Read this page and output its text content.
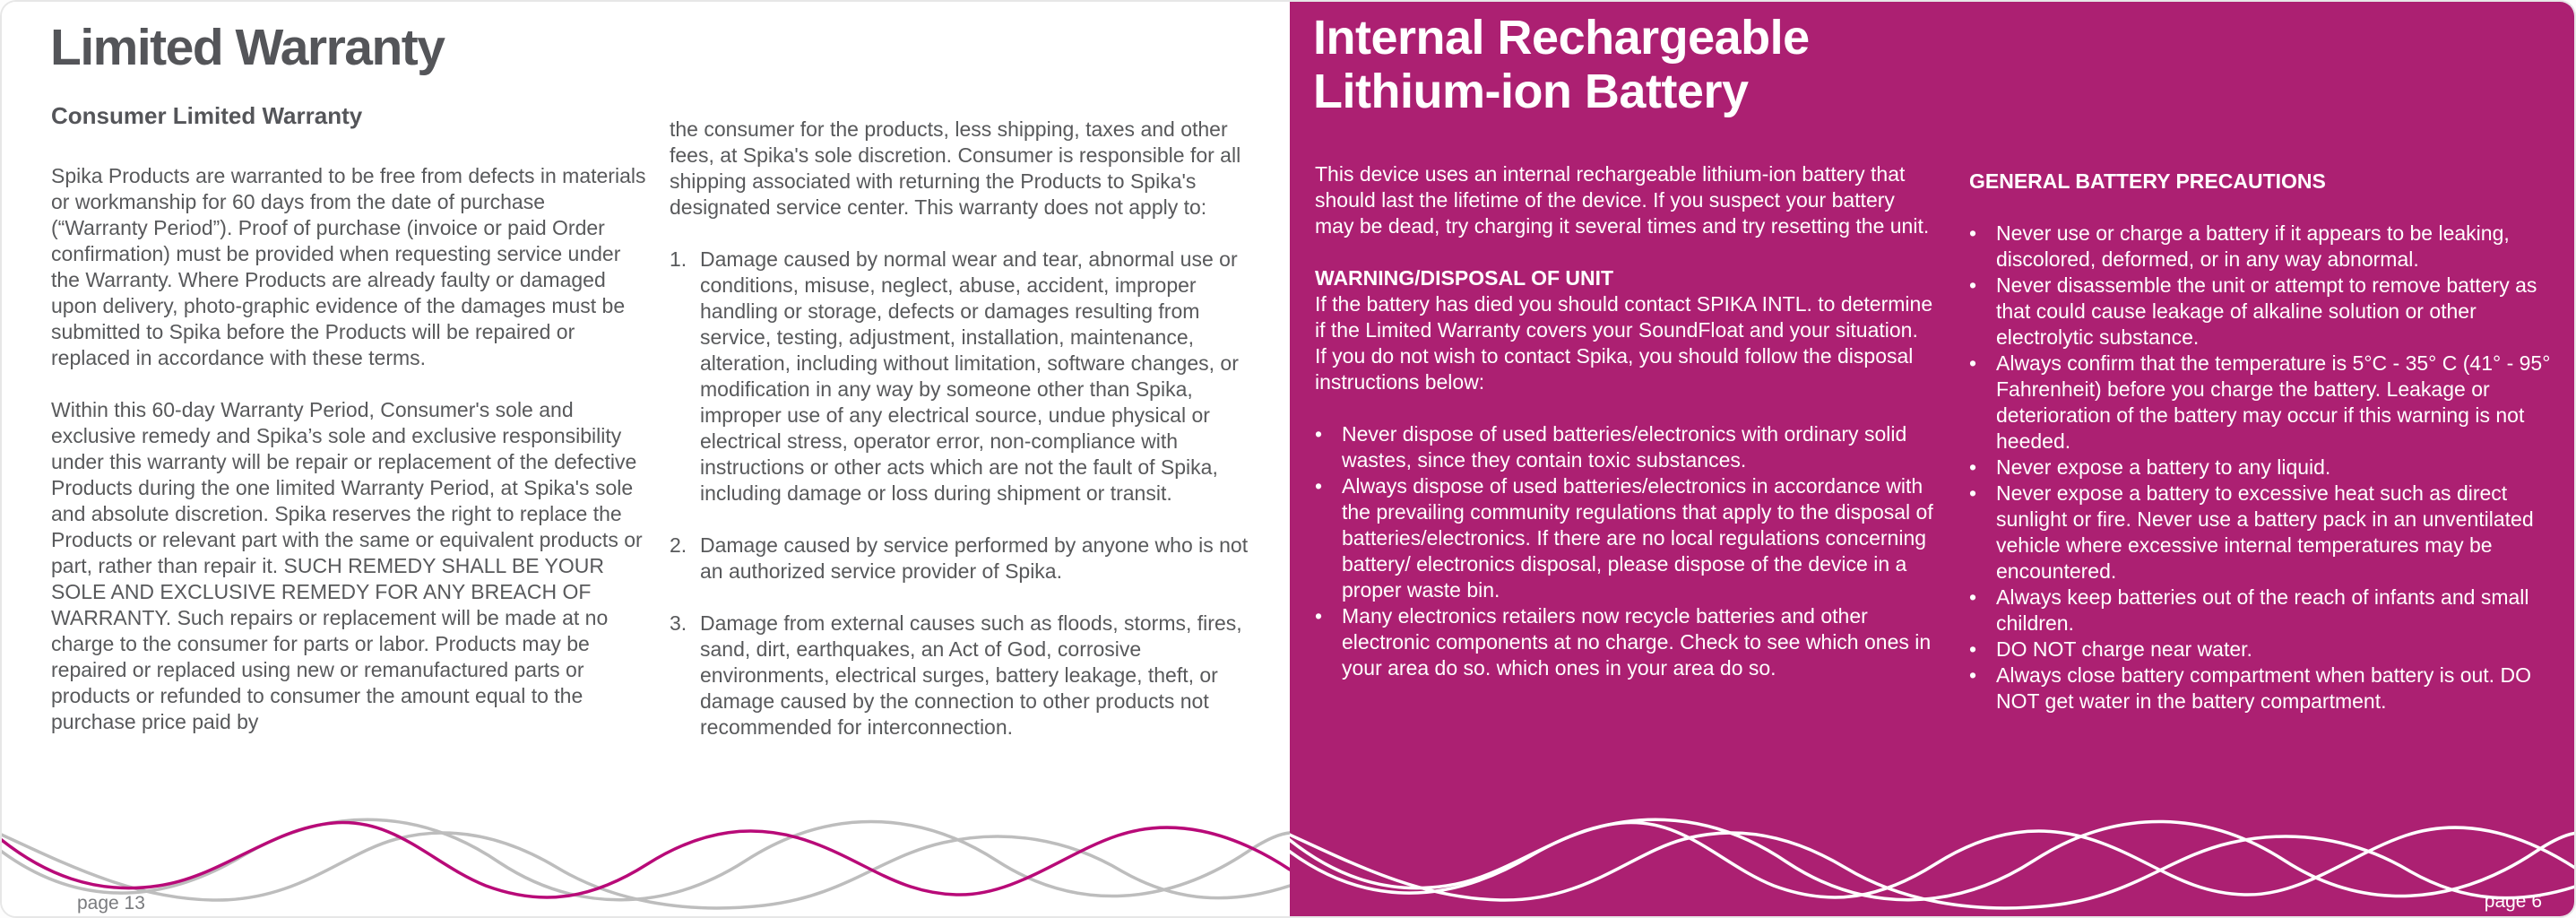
Limited Warranty
Consumer Limited Warranty

Spika Products are warranted to be free from defects in materials or workmanship for 60 days from the date of purchase (“Warranty Period”). Proof of purchase (invoice or paid Order confirmation) must be provided when requesting service under the Warranty. Where Products are already faulty or damaged upon delivery, photo-graphic evidence of the damages must be submitted to Spika before the Products will be repaired or replaced in accordance with these terms.

Within this 60-day Warranty Period, Consumer's sole and exclusive remedy and Spika’s sole and exclusive responsibility under this warranty will be repair or replacement of the defective Products during the one limited Warranty Period, at Spika's sole and absolute discretion. Spika reserves the right to replace the Products or relevant part with the same or equivalent products or part, rather than repair it. SUCH REMEDY SHALL BE YOUR SOLE AND EXCLUSIVE REMEDY FOR ANY BREACH OF WARRANTY. Such repairs or replacement will be made at no charge to the consumer for parts or labor. Products may be repaired or replaced using new or remanufactured parts or products or refunded to consumer the amount equal to the purchase price paid by

the consumer for the products, less shipping, taxes and other fees, at Spika's sole discretion. Consumer is responsible for all shipping associated with returning the Products to Spika's designated service center. This warranty does not apply to:

1. Damage caused by normal wear and tear, abnormal use or conditions, misuse, neglect, abuse, accident, improper handling or storage, defects or damages resulting from service, testing, adjustment, installation, maintenance, alteration, including without limitation, software changes, or modification in any way by someone other than Spika, improper use of any electrical source, undue physical or electrical stress, operator error, non-compliance with instructions or other acts which are not the fault of Spika, including damage or loss during shipment or transit.
2. Damage caused by service performed by anyone who is not an authorized service provider of Spika.
3. Damage from external causes such as floods, storms, fires, sand, dirt, earthquakes, an Act of God, corrosive environments, electrical surges, battery leakage, theft, or damage caused by the connection to other products not recommended for interconnection.
page 13
Internal Rechargeable
Lithium-ion Battery

This device uses an internal rechargeable lithium-ion battery that should last the lifetime of the device. If you suspect your battery may be dead, try charging it several times and try resetting the unit.

WARNING/DISPOSAL OF UNIT

If the battery has died you should contact SPIKA INTL. to determine if the Limited Warranty covers your SoundFloat and your situation. If you do not wish to contact Spika, you should follow the disposal instructions below:

• Never dispose of used batteries/electronics with ordinary solid wastes, since they contain toxic substances.
• Always dispose of used batteries/electronics in accordance with the prevailing community regulations that apply to the disposal of batteries/electronics. If there are no local regulations concerning battery/ electronics disposal, please dispose of the device in a proper waste bin.
• Many electronics retailers now recycle batteries and other electronic components at no charge. Check to see which ones in your area do so. which ones in your area do so.

GENERAL BATTERY PRECAUTIONS

• Never use or charge a battery if it appears to be leaking, discolored, deformed, or in any way abnormal.
• Never disassemble the unit or attempt to remove battery as that could cause leakage of alkaline solution or other electrolytic substance.
• Always confirm that the temperature is 5°C - 35° C (41° - 95° Fahrenheit) before you charge the battery. Leakage or deterioration of the battery may occur if this warning is not heeded.
• Never expose a battery to any liquid.
• Never expose a battery to excessive heat such as direct sunlight or fire. Never use a battery pack in an unventilated vehicle where excessive internal temperatures may be encountered.
• Always keep batteries out of the reach of infants and small children.
• DO NOT charge near water.
• Always close battery compartment when battery is out. DO NOT get water in the battery compartment.
page 6
